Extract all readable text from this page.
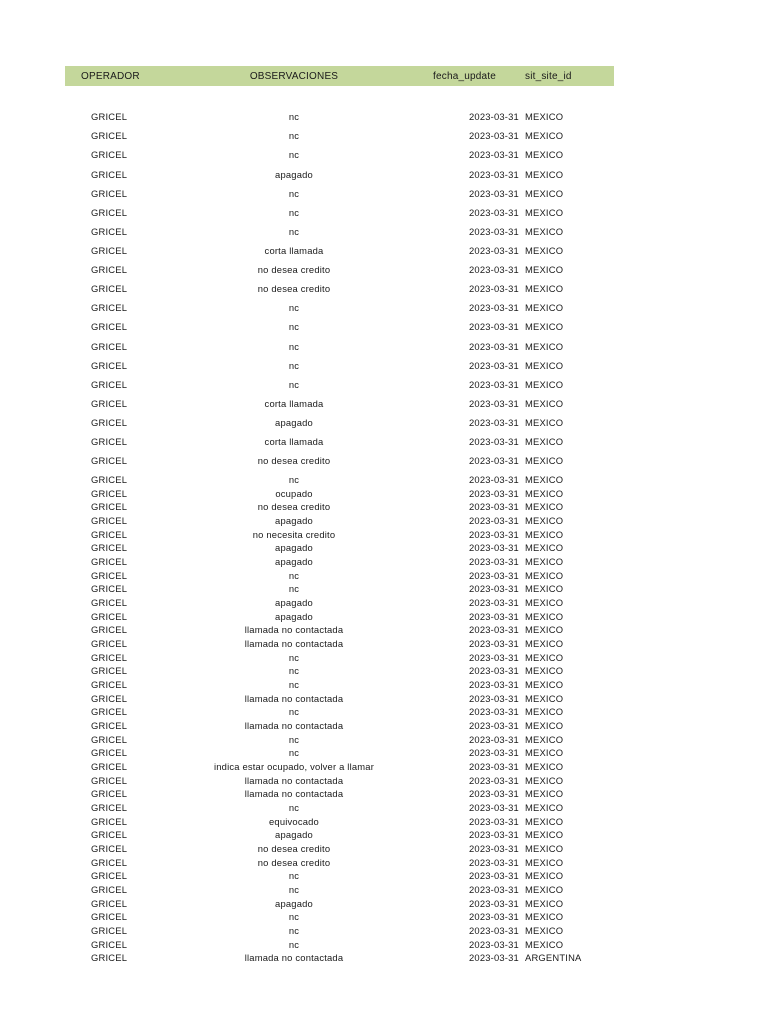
OPERADOR	OBSERVACIONES	fecha_update	sit_site_id
GRICEL	nc	2023-03-31 MEXICO
GRICEL	nc	2023-03-31 MEXICO
GRICEL	nc	2023-03-31 MEXICO
GRICEL	apagado	2023-03-31 MEXICO
GRICEL	nc	2023-03-31 MEXICO
GRICEL	nc	2023-03-31 MEXICO
GRICEL	nc	2023-03-31 MEXICO
GRICEL	corta llamada	2023-03-31 MEXICO
GRICEL	no desea credito	2023-03-31 MEXICO
GRICEL	no desea credito	2023-03-31 MEXICO
GRICEL	nc	2023-03-31 MEXICO
GRICEL	nc	2023-03-31 MEXICO
GRICEL	nc	2023-03-31 MEXICO
GRICEL	nc	2023-03-31 MEXICO
GRICEL	nc	2023-03-31 MEXICO
GRICEL	corta llamada	2023-03-31 MEXICO
GRICEL	apagado	2023-03-31 MEXICO
GRICEL	corta llamada	2023-03-31 MEXICO
GRICEL	no desea credito	2023-03-31 MEXICO
GRICEL	nc	2023-03-31 MEXICO
GRICEL	ocupado	2023-03-31 MEXICO
GRICEL	no desea credito	2023-03-31 MEXICO
GRICEL	apagado	2023-03-31 MEXICO
GRICEL	no necesita credito	2023-03-31 MEXICO
GRICEL	apagado	2023-03-31 MEXICO
GRICEL	apagado	2023-03-31 MEXICO
GRICEL	nc	2023-03-31 MEXICO
GRICEL	nc	2023-03-31 MEXICO
GRICEL	apagado	2023-03-31 MEXICO
GRICEL	apagado	2023-03-31 MEXICO
GRICEL	llamada no contactada	2023-03-31 MEXICO
GRICEL	llamada no contactada	2023-03-31 MEXICO
GRICEL	nc	2023-03-31 MEXICO
GRICEL	nc	2023-03-31 MEXICO
GRICEL	nc	2023-03-31 MEXICO
GRICEL	llamada no contactada	2023-03-31 MEXICO
GRICEL	nc	2023-03-31 MEXICO
GRICEL	llamada no contactada	2023-03-31 MEXICO
GRICEL	nc	2023-03-31 MEXICO
GRICEL	nc	2023-03-31 MEXICO
GRICEL	indica estar ocupado, volver a llamar	2023-03-31 MEXICO
GRICEL	llamada no contactada	2023-03-31 MEXICO
GRICEL	llamada no contactada	2023-03-31 MEXICO
GRICEL	nc	2023-03-31 MEXICO
GRICEL	equivocado	2023-03-31 MEXICO
GRICEL	apagado	2023-03-31 MEXICO
GRICEL	no desea credito	2023-03-31 MEXICO
GRICEL	no desea credito	2023-03-31 MEXICO
GRICEL	nc	2023-03-31 MEXICO
GRICEL	nc	2023-03-31 MEXICO
GRICEL	apagado	2023-03-31 MEXICO
GRICEL	nc	2023-03-31 MEXICO
GRICEL	nc	2023-03-31 MEXICO
GRICEL	nc	2023-03-31 MEXICO
GRICEL	llamada no contactada	2023-03-31 ARGENTINA
